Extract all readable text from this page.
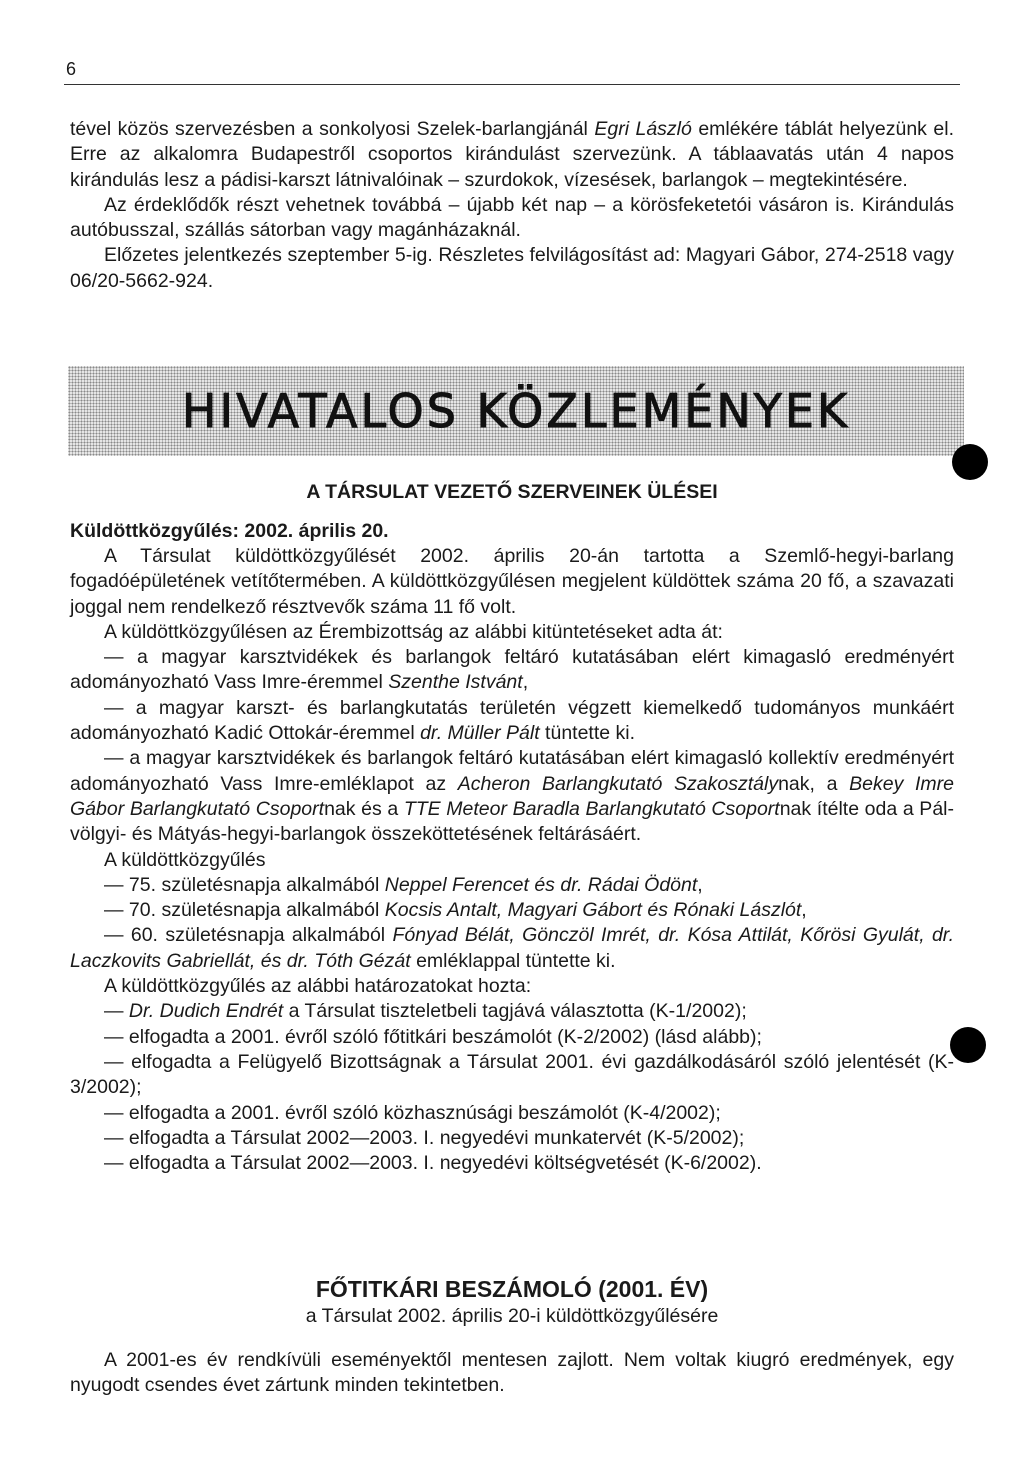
6

tével közös szervezésben a sonkolyosi Szelek-barlangjánál Egri László emlékére táblát helyezünk el. Erre az alkalomra Budapestről csoportos kirándulást szervezünk. A táblaavatás után 4 napos kirándulás lesz a pádisi-karszt látnivalóinak – szurdokok, vízesések, barlangok – megtekintésére.

Az érdeklődők részt vehetnek továbbá – újabb két nap – a körösfeketetói vásáron is. Kirándulás autóbusszal, szállás sátorban vagy magánházaknál.

Előzetes jelentkezés szeptember 5-ig. Részletes felvilágosítást ad: Magyari Gábor, 274-2518 vagy 06/20-5662-924.

HIVATALOS KÖZLEMÉNYEK
A TÁRSULAT VEZETŐ SZERVEINEK ÜLÉSEI
Küldöttközgyűlés: 2002. április 20.

A Társulat küldöttközgyűlését 2002. április 20-án tartotta a Szemlő-hegyi-barlang fogadóépületének vetítőtermében. A küldöttközgyűlésen megjelent küldöttek száma 20 fő, a szavazati joggal nem rendelkező résztvevők száma 11 fő volt.

A küldöttközgyűlésen az Érembizottság az alábbi kitüntetéseket adta át:

— a magyar karsztvidékek és barlangok feltáró kutatásában elért kimagasló eredményért adományozható Vass Imre-éremmel Szenthe Istvánt,

— a magyar karszt- és barlangkutatás területén végzett kiemelkedő tudományos munkáért adományozható Kadić Ottokár-éremmel dr. Müller Pált tüntette ki.

— a magyar karsztvidékek és barlangok feltáró kutatásában elért kimagasló kollektív eredményért adományozható Vass Imre-emléklapot az Acheron Barlangkutató Szakosztálynak, a Bekey Imre Gábor Barlangkutató Csoportnak és a TTE Meteor Baradla Barlangkutató Csoportnak ítélte oda a Pál-völgyi- és Mátyás-hegyi-barlangok összeköttetésének feltárásáért.

A küldöttközgyűlés

— 75. születésnapja alkalmából Neppel Ferencet és dr. Rádai Ödönt,

— 70. születésnapja alkalmából Kocsis Antalt, Magyari Gábort és Rónaki Lászlót,

— 60. születésnapja alkalmából Fónyad Bélát, Gönczöl Imrét, dr. Kósa Attilát, Kőrösi Gyulát, dr. Laczkovits Gabriellát, és dr. Tóth Gézát emléklappal tüntette ki.

A küldöttközgyűlés az alábbi határozatokat hozta:

— Dr. Dudich Endrét a Társulat tiszteletbeli tagjává választotta (K-1/2002);

— elfogadta a 2001. évről szóló főtitkári beszámolót (K-2/2002) (lásd alább);

— elfogadta a Felügyelő Bizottságnak a Társulat 2001. évi gazdálkodásáról szóló jelentését (K-3/2002);

— elfogadta a 2001. évről szóló közhasznúsági beszámolót (K-4/2002);

— elfogadta a Társulat 2002—2003. I. negyedévi munkatervét (K-5/2002);

— elfogadta a Társulat 2002—2003. I. negyedévi költségvetését (K-6/2002).

FŐTITKÁRI BESZÁMOLÓ (2001. ÉV)
a Társulat 2002. április 20-i küldöttközgyűlésére

A 2001-es év rendkívüli eseményektől mentesen zajlott. Nem voltak kiugró eredmények, egy nyugodt csendes évet zártunk minden tekintetben.
